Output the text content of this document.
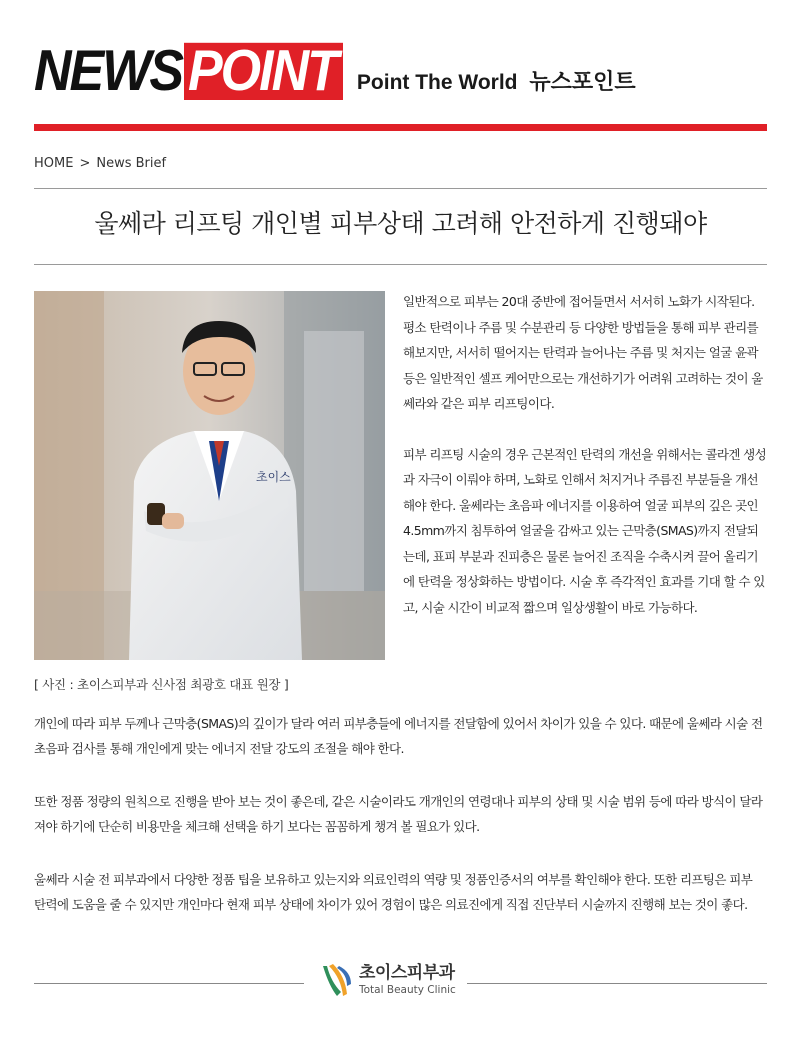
NEWS POINT Point The World 뉴스포인트
HOME > News Brief
울쎄라 리프팅 개인별 피부상태 고려해 안전하게 진행돼야
초이스
[ 사진 : 초이스피부과 신사점 최광호 대표 원장 ]

일반적으로 피부는 20대 중반에 접어들면서 서서히 노화가 시작된다. 평소 탄력이나 주름 및 수분관리 등 다양한 방법들을 통해 피부 관리를 해보지만, 서서히 떨어지는 탄력과 늘어나는 주름 및 처지는 얼굴 윤곽 등은 일반적인 셀프 케어만으로는 개선하기가 어려워 고려하는 것이 울쎄라와 같은 피부 리프팅이다.

피부 리프팅 시술의 경우 근본적인 탄력의 개선을 위해서는 콜라겐 생성과 자극이 이뤄야 하며, 노화로 인해서 처지거나 주름진 부분들을 개선해야 한다. 울쎄라는 초음파 에너지를 이용하여 얼굴 피부의 깊은 곳인 4.5mm까지 침투하여 얼굴을 감싸고 있는 근막층(SMAS)까지 전달되는데, 표피 부분과 진피층은 물론 늘어진 조직을 수축시켜 끌어 올리기에 탄력을 정상화하는 방법이다. 시술 후 즉각적인 효과를 기대 할 수 있고, 시술 시간이 비교적 짧으며 일상생활이 바로 가능하다.

개인에 따라 피부 두께나 근막층(SMAS)의 깊이가 달라 여러 피부층들에 에너지를 전달함에 있어서 차이가 있을 수 있다. 때문에 울쎄라 시술 전 초음파 검사를 통해 개인에게 맞는 에너지 전달 강도의 조절을 해야 한다.

또한 정품 정량의 원칙으로 진행을 받아 보는 것이 좋은데, 같은 시술이라도 개개인의 연령대나 피부의 상태 및 시술 범위 등에 따라 방식이 달라져야 하기에 단순히 비용만을 체크해 선택을 하기 보다는 꼼꼼하게 챙겨 볼 필요가 있다.

울쎄라 시술 전 피부과에서 다양한 정품 팁을 보유하고 있는지와 의료인력의 역량 및 정품인증서의 여부를 확인해야 한다. 또한 리프팅은 피부 탄력에 도움을 줄 수 있지만 개인마다 현재 피부 상태에 차이가 있어 경험이 많은 의료진에게 직접 진단부터 시술까지 진행해 보는 것이 좋다.

초이스피부과
Total Beauty Clinic
